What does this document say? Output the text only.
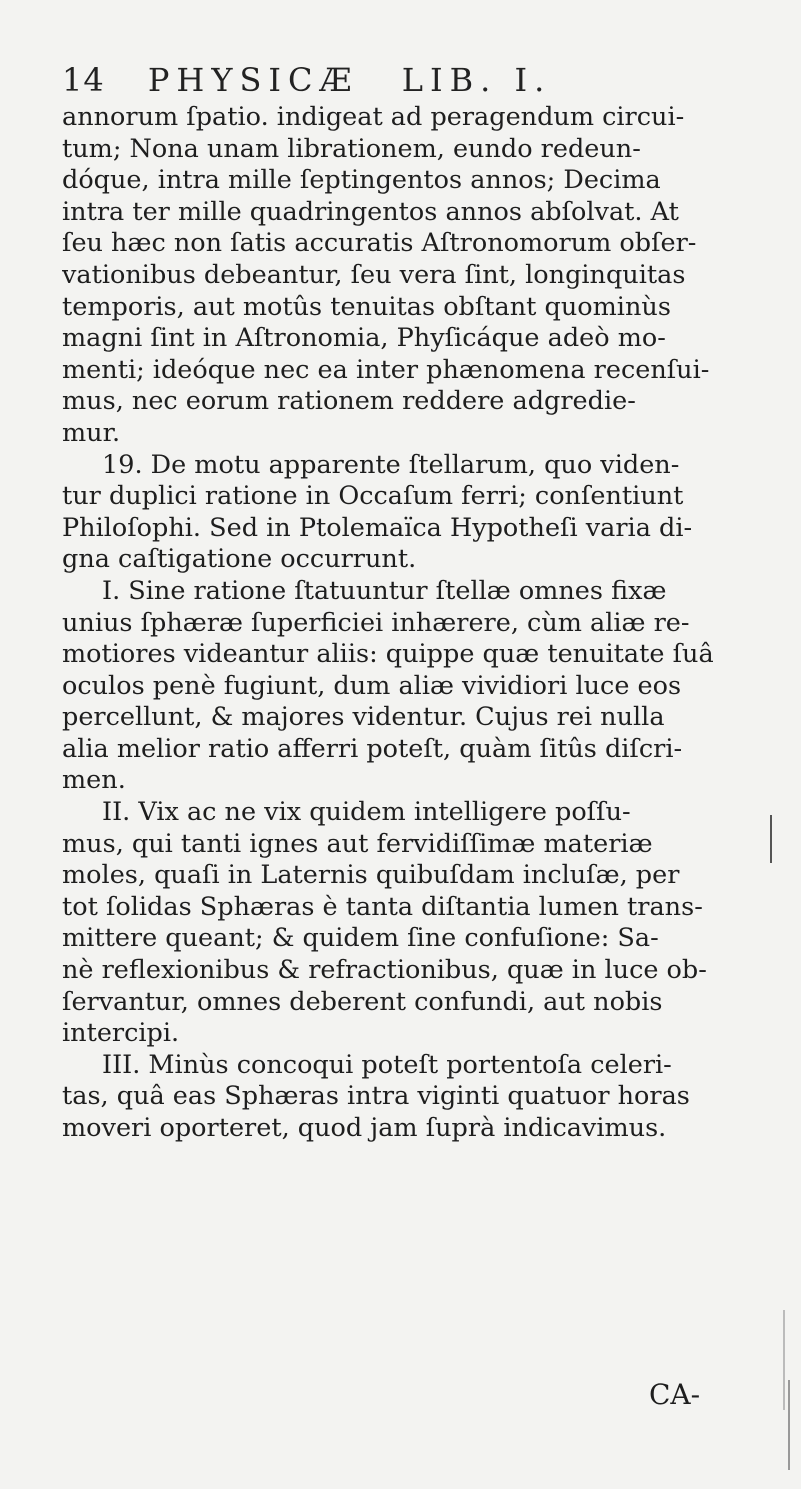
14 PHYSICÆ LIB. I.
annorum ſpatio. indigeat ad peragendum circui-
tum; Nona unam librationem, eundo redeun-
dóque, intra mille ſeptingentos annos; Decima
intra ter mille quadringentos annos abſolvat. At
ſeu hæc non ſatis accuratis Aſtronomorum obſer-
vationibus debeantur, ſeu vera ſint, longinquitas
temporis, aut motûs tenuitas obſtant quominùs
magni ſint in Aſtronomia, Phyſicáque adeò mo-
menti; ideóque nec ea inter phænomena recenſui-
mus, nec eorum rationem reddere adgredie-
mur.
19. De motu apparente ſtellarum, quo viden-
tur duplici ratione in Occaſum ferri; conſentiunt
Philoſophi. Sed in Ptolemaïca Hypotheſi varia di-
gna caſtigatione occurrunt.
I. Sine ratione ſtatuuntur ſtellæ omnes fixæ
unius ſphæræ ſuperficiei inhærere, cùm aliæ re-
motiores videantur aliis: quippe quæ tenuitate ſuâ
oculos penè fugiunt, dum aliæ vividiori luce eos
percellunt, & majores videntur. Cujus rei nulla
alia melior ratio afferri poteſt, quàm ſitûs diſcri-
men.
II. Vix ac ne vix quidem intelligere poſſu-
mus, qui tanti ignes aut fervidiſſimæ materiæ
moles, quaſi in Laternis quibuſdam incluſæ, per
tot ſolidas Sphæras è tanta diſtantia lumen trans-
mittere queant; & quidem ſine confuſione: Sa-
nè reflexionibus & refractionibus, quæ in luce ob-
ſervantur, omnes deberent confundi, aut nobis
intercipi.
III. Minùs concoqui poteſt portentoſa celeri-
tas, quâ eas Sphæras intra viginti quatuor horas
moveri oporteret, quod jam ſuprà indicavimus.
CA-
